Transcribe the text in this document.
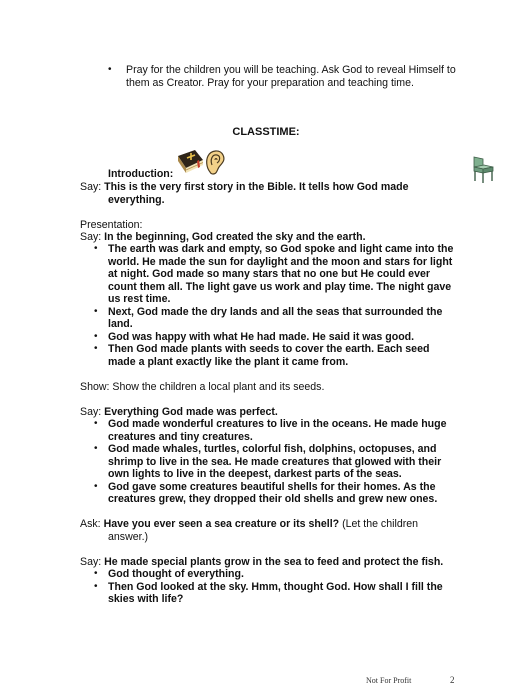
• Pray for the children you will be teaching. Ask God to reveal Himself to
them as Creator. Pray for your preparation and teaching time.
CLASSTIME:
Introduction:
Say: This is the very first story in the Bible. It tells how God made
everything.
Presentation:
Say: In the beginning, God created the sky and the earth.
• The earth was dark and empty, so God spoke and light came into the
world. He made the sun for daylight and the moon and stars for light
at night. God made so many stars that no one but He could ever
count them all. The light gave us work and play time. The night gave
us rest time.
• Next, God made the dry lands and all the seas that surrounded the
land.
• God was happy with what He had made. He said it was good.
• Then God made plants with seeds to cover the earth. Each seed
made a plant exactly like the plant it came from.
Show: Show the children a local plant and its seeds.
Say: Everything God made was perfect.
• God made wonderful creatures to live in the oceans. He made huge
creatures and tiny creatures.
• God made whales, turtles, colorful fish, dolphins, octopuses, and
shrimp to live in the sea. He made creatures that glowed with their
own lights to live in the deepest, darkest parts of the seas.
• God gave some creatures beautiful shells for their homes. As the
creatures grew, they dropped their old shells and grew new ones.
Ask: Have you ever seen a sea creature or its shell? (Let the children
answer.)
Say: He made special plants grow in the sea to feed and protect the fish.
• God thought of everything.
• Then God looked at the sky. Hmm, thought God. How shall I fill the
skies with life?
Not For Profit	2
